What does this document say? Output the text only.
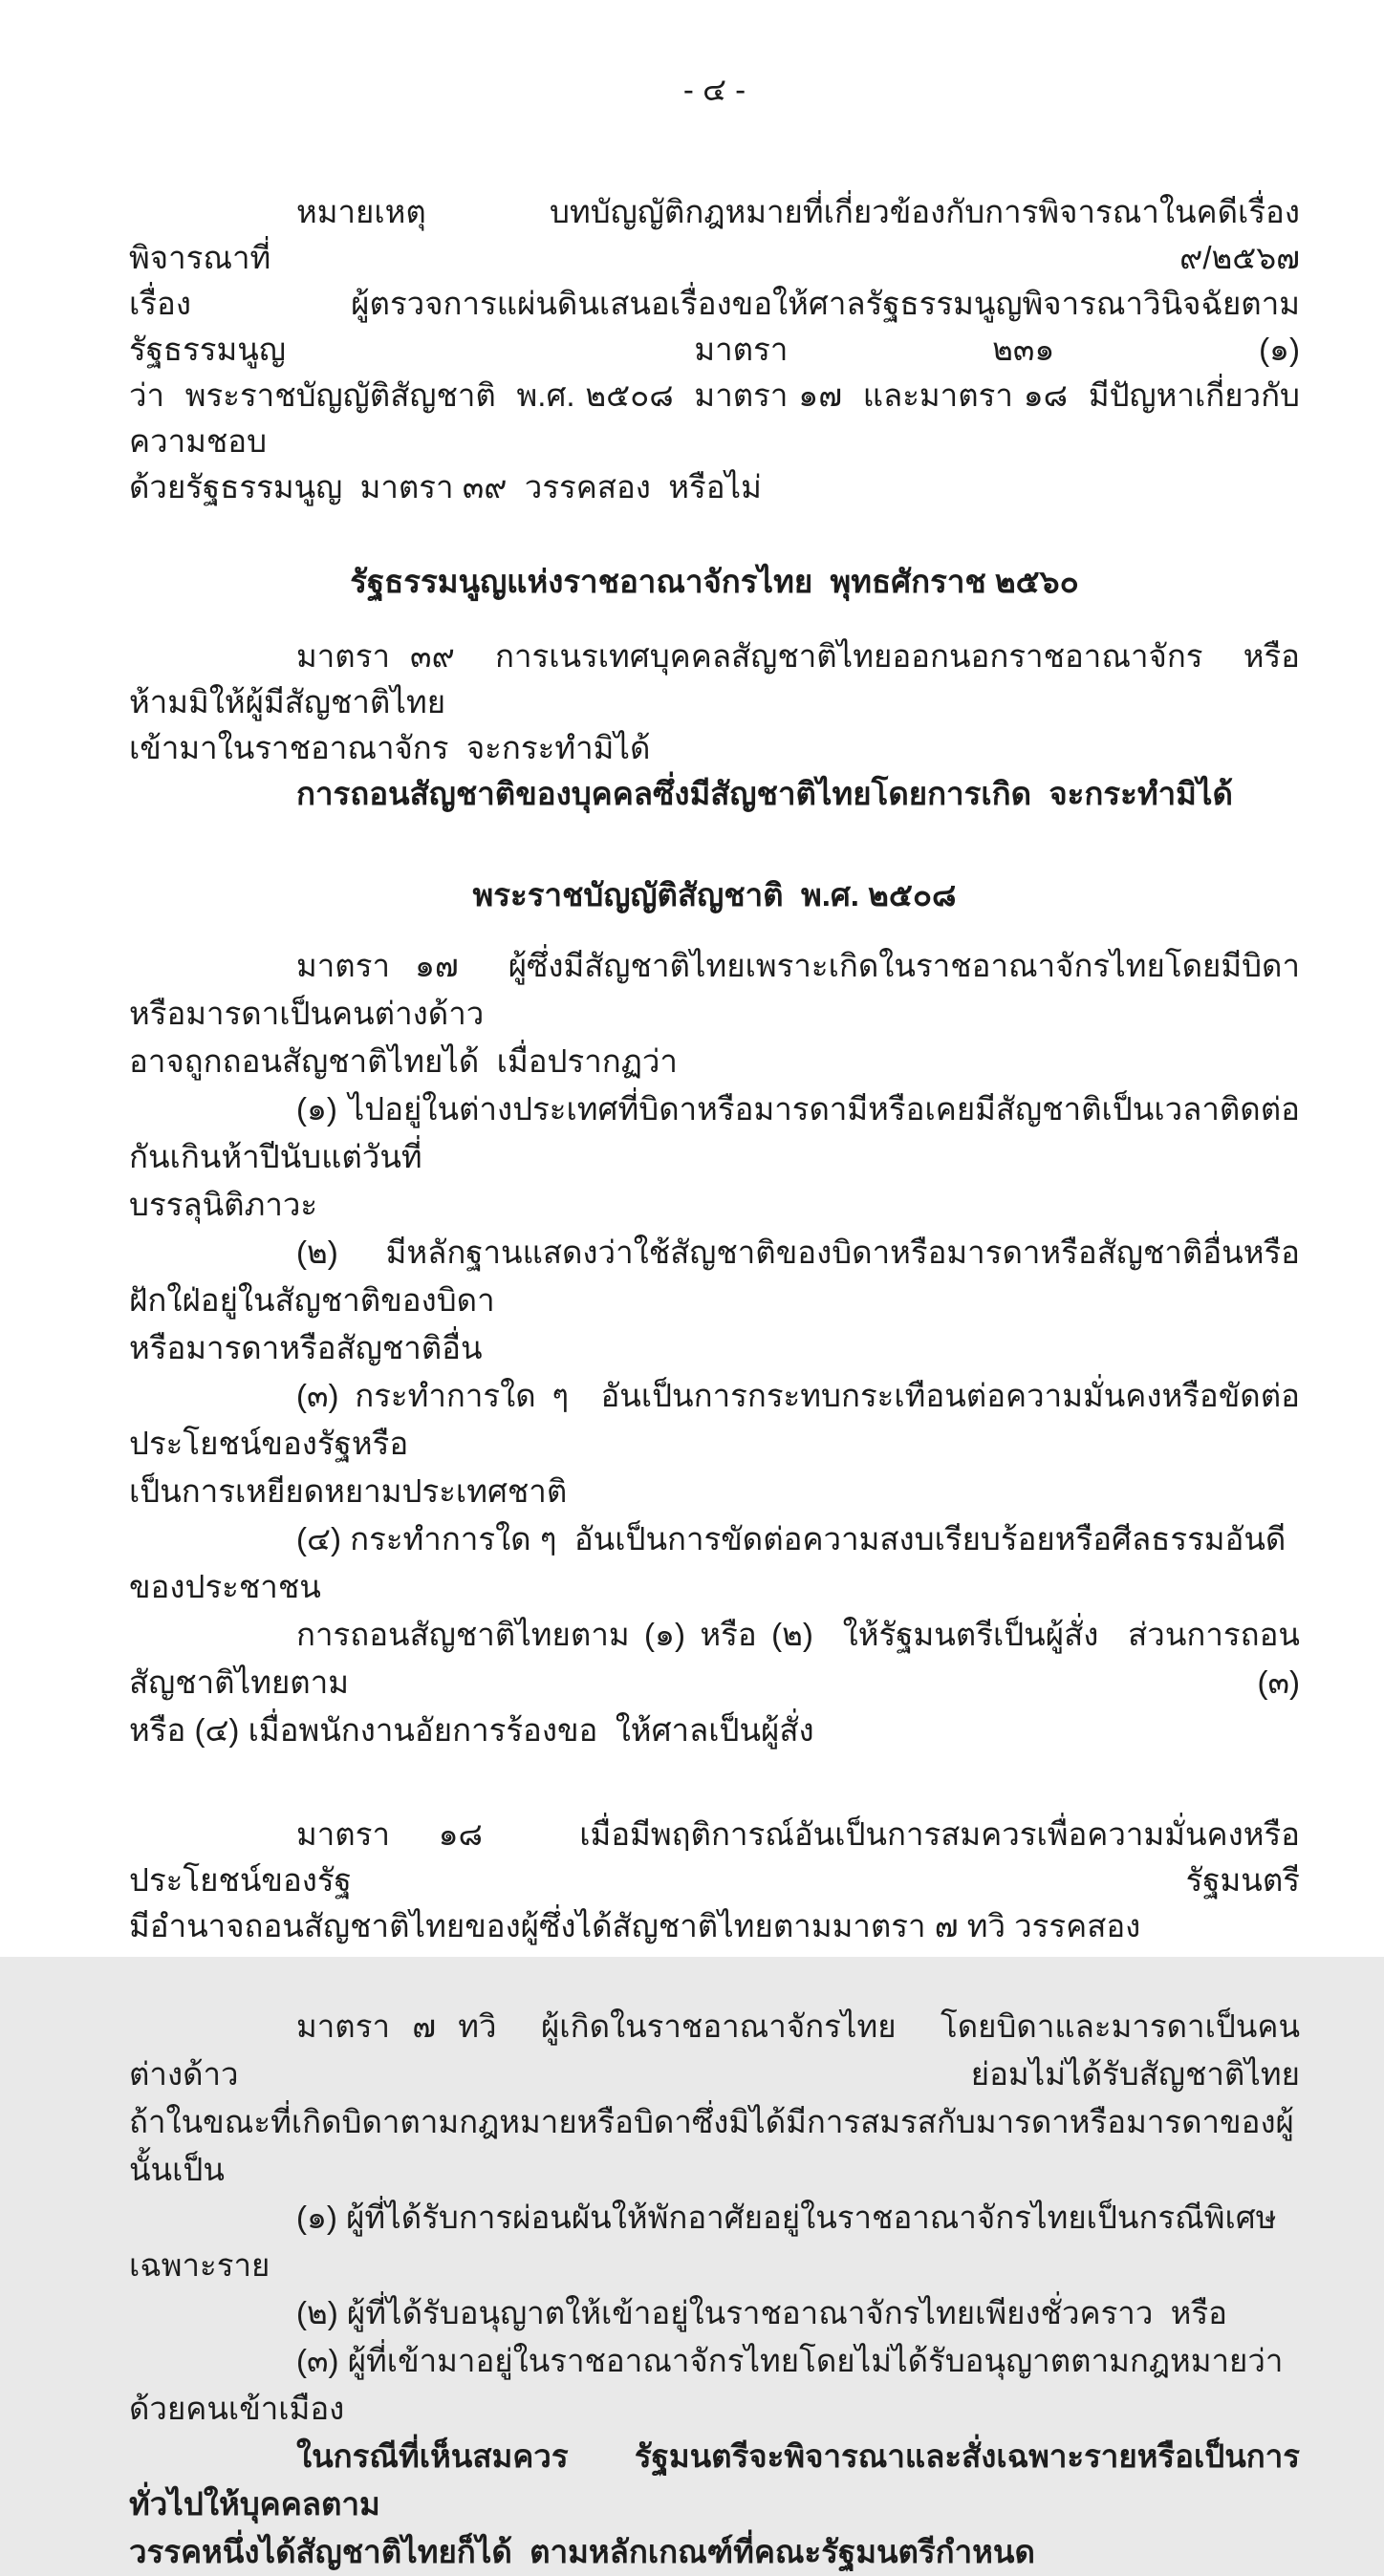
- ๔ -
หมายเหตุ  บทบัญญัติกฎหมายที่เกี่ยวข้องกับการพิจารณาในคดีเรื่องพิจารณาที่  ๙/๒๕๖๗
เรื่อง  ผู้ตรวจการแผ่นดินเสนอเรื่องขอให้ศาลรัฐธรรมนูญพิจารณาวินิจฉัยตามรัฐธรรมนูญ  มาตรา ๒๓๑ (๑)
ว่า  พระราชบัญญัติสัญชาติ  พ.ศ. ๒๕๐๘  มาตรา ๑๗  และมาตรา ๑๘  มีปัญหาเกี่ยวกับความชอบ
ด้วยรัฐธรรมนูญ  มาตรา ๓๙  วรรคสอง  หรือไม่
รัฐธรรมนูญแห่งราชอาณาจักรไทย  พุทธศักราช ๒๕๖๐
มาตรา ๓๙  การเนรเทศบุคคลสัญชาติไทยออกนอกราชอาณาจักร  หรือห้ามมิให้ผู้มีสัญชาติไทย
เข้ามาในราชอาณาจักร  จะกระทำมิได้
การถอนสัญชาติของบุคคลซึ่งมีสัญชาติไทยโดยการเกิด  จะกระทำมิได้
พระราชบัญญัติสัญชาติ  พ.ศ. ๒๕๐๘
มาตรา ๑๗  ผู้ซึ่งมีสัญชาติไทยเพราะเกิดในราชอาณาจักรไทยโดยมีบิดาหรือมารดาเป็นคนต่างด้าว
อาจถูกถอนสัญชาติไทยได้  เมื่อปรากฏว่า
(๑) ไปอยู่ในต่างประเทศที่บิดาหรือมารดามีหรือเคยมีสัญชาติเป็นเวลาติดต่อกันเกินห้าปีนับแต่วันที่
บรรลุนิติภาวะ
(๒) มีหลักฐานแสดงว่าใช้สัญชาติของบิดาหรือมารดาหรือสัญชาติอื่นหรือฝักใฝ่อยู่ในสัญชาติของบิดา
หรือมารดาหรือสัญชาติอื่น
(๓) กระทำการใด ๆ  อันเป็นการกระทบกระเทือนต่อความมั่นคงหรือขัดต่อประโยชน์ของรัฐหรือ
เป็นการเหยียดหยามประเทศชาติ
(๔) กระทำการใด ๆ  อันเป็นการขัดต่อความสงบเรียบร้อยหรือศีลธรรมอันดีของประชาชน
การถอนสัญชาติไทยตาม (๑) หรือ (๒)  ให้รัฐมนตรีเป็นผู้สั่ง  ส่วนการถอนสัญชาติไทยตาม (๓)
หรือ (๔) เมื่อพนักงานอัยการร้องขอ  ให้ศาลเป็นผู้สั่ง
มาตรา ๑๘  เมื่อมีพฤติการณ์อันเป็นการสมควรเพื่อความมั่นคงหรือประโยชน์ของรัฐ  รัฐมนตรี
มีอำนาจถอนสัญชาติไทยของผู้ซึ่งได้สัญชาติไทยตามมาตรา ๗ ทวิ วรรคสอง
มาตรา ๗ ทวิ  ผู้เกิดในราชอาณาจักรไทย  โดยบิดาและมารดาเป็นคนต่างด้าว  ย่อมไม่ได้รับสัญชาติไทย
ถ้าในขณะที่เกิดบิดาตามกฎหมายหรือบิดาซึ่งมิได้มีการสมรสกับมารดาหรือมารดาของผู้นั้นเป็น
(๑) ผู้ที่ได้รับการผ่อนผันให้พักอาศัยอยู่ในราชอาณาจักรไทยเป็นกรณีพิเศษเฉพาะราย
(๒) ผู้ที่ได้รับอนุญาตให้เข้าอยู่ในราชอาณาจักรไทยเพียงชั่วคราว  หรือ
(๓) ผู้ที่เข้ามาอยู่ในราชอาณาจักรไทยโดยไม่ได้รับอนุญาตตามกฎหมายว่าด้วยคนเข้าเมือง
ในกรณีที่เห็นสมควร  รัฐมนตรีจะพิจารณาและสั่งเฉพาะรายหรือเป็นการทั่วไปให้บุคคลตาม
วรรคหนึ่งได้สัญชาติไทยก็ได้  ตามหลักเกณฑ์ที่คณะรัฐมนตรีกำหนด
